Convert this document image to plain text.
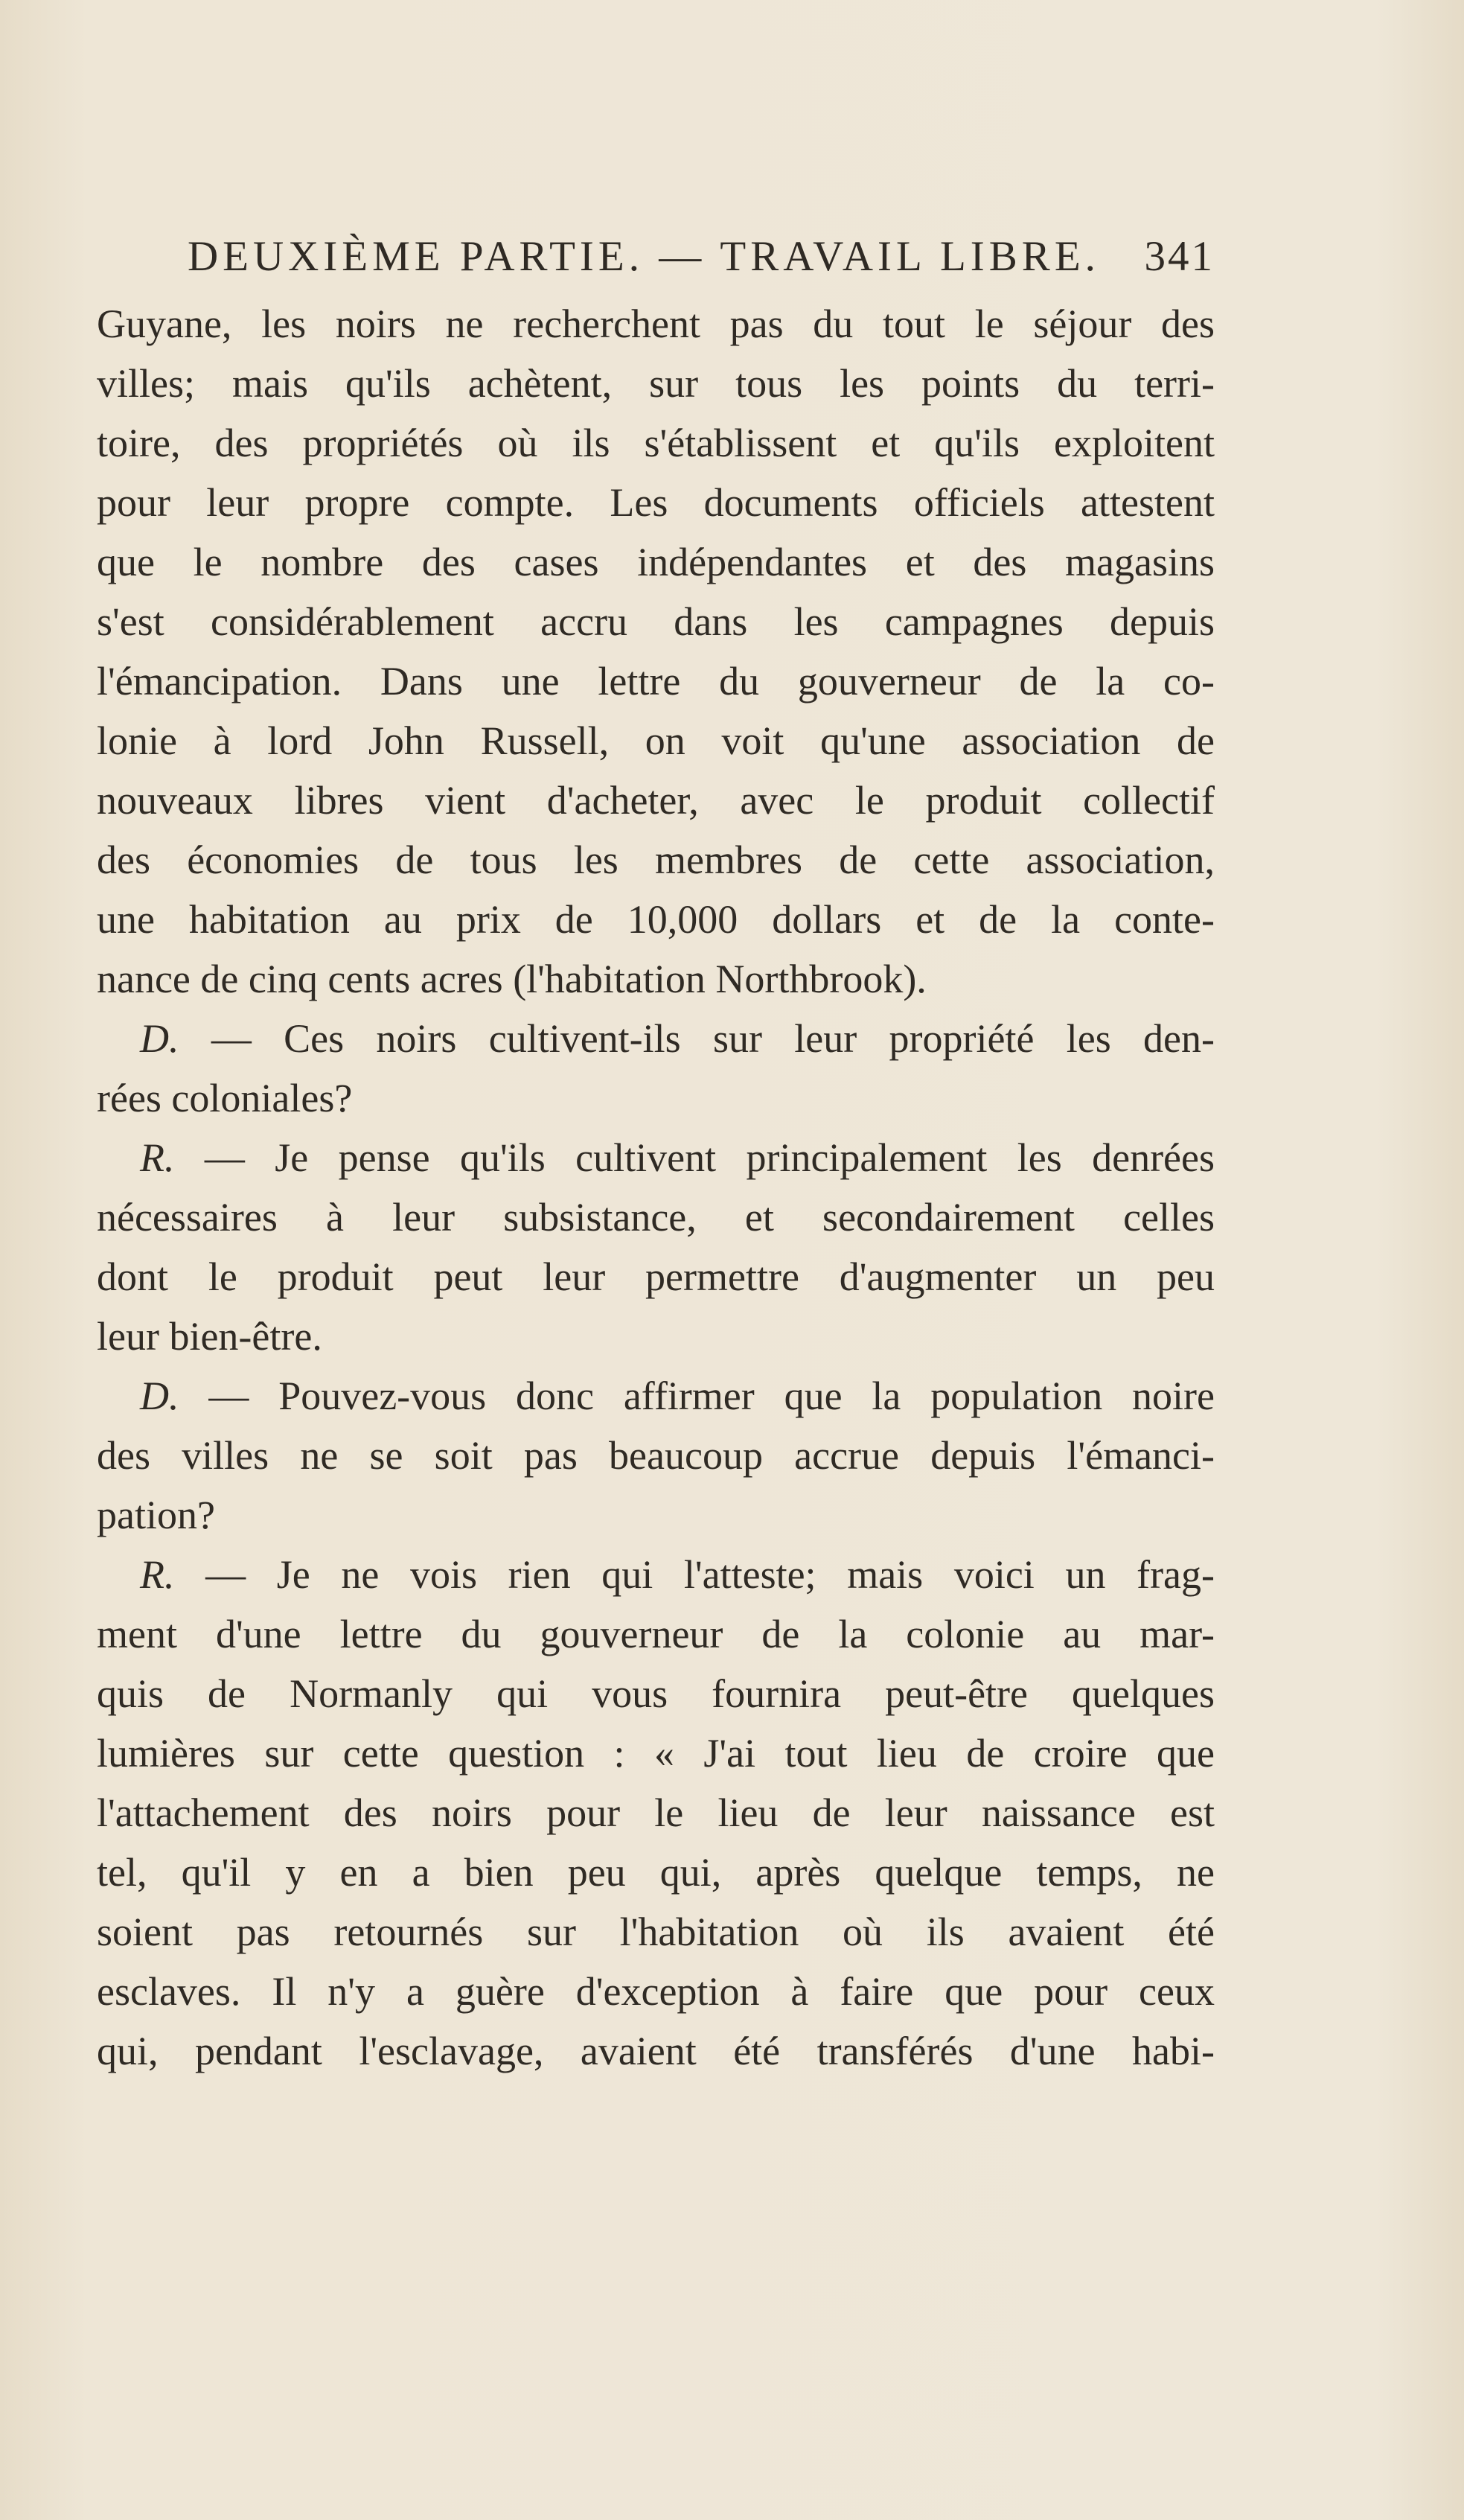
DEUXIÈME PARTIE. — TRAVAIL LIBRE. 341
Guyane, les noirs ne recherchent pas du tout le séjour des
villes; mais qu'ils achètent, sur tous les points du terri-
toire, des propriétés où ils s'établissent et qu'ils exploitent
pour leur propre compte. Les documents officiels attestent
que le nombre des cases indépendantes et des magasins
s'est considérablement accru dans les campagnes depuis
l'émancipation. Dans une lettre du gouverneur de la co-
lonie à lord John Russell, on voit qu'une association de
nouveaux libres vient d'acheter, avec le produit collectif
des économies de tous les membres de cette association,
une habitation au prix de 10,000 dollars et de la conte-
nance de cinq cents acres (l'habitation Northbrook).
D. — Ces noirs cultivent-ils sur leur propriété les den-
rées coloniales?
R. — Je pense qu'ils cultivent principalement les denrées
nécessaires à leur subsistance, et secondairement celles
dont le produit peut leur permettre d'augmenter un peu
leur bien-être.
D. — Pouvez-vous donc affirmer que la population noire
des villes ne se soit pas beaucoup accrue depuis l'émanci-
pation?
R. — Je ne vois rien qui l'atteste; mais voici un frag-
ment d'une lettre du gouverneur de la colonie au mar-
quis de Normanly qui vous fournira peut-être quelques
lumières sur cette question : « J'ai tout lieu de croire que
l'attachement des noirs pour le lieu de leur naissance est
tel, qu'il y en a bien peu qui, après quelque temps, ne
soient pas retournés sur l'habitation où ils avaient été
esclaves. Il n'y a guère d'exception à faire que pour ceux
qui, pendant l'esclavage, avaient été transférés d'une habi-
